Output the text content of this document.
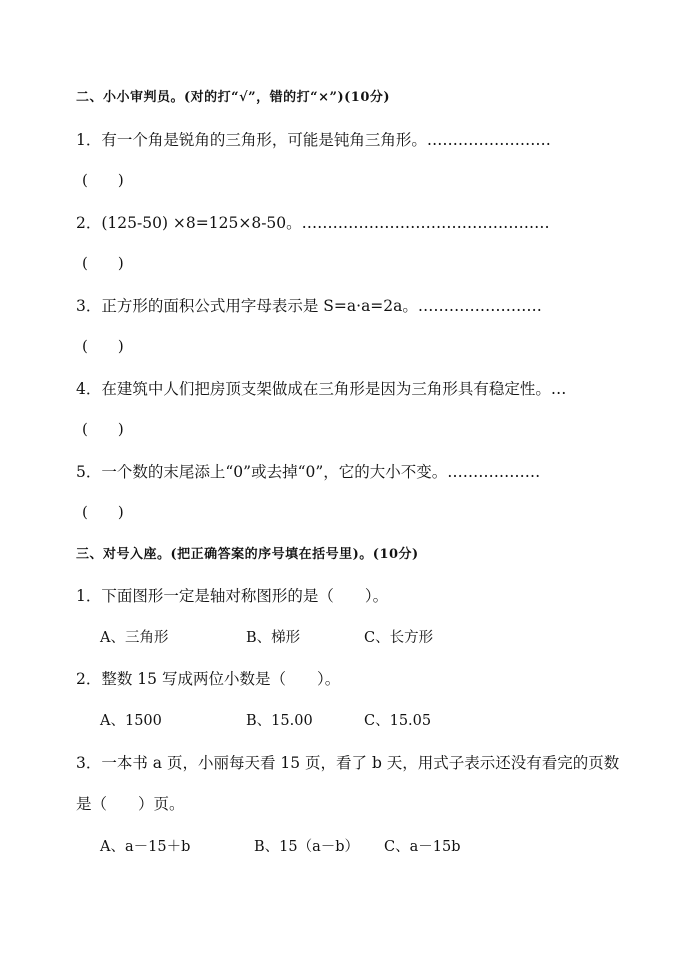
二、小小审判员。(对的打“√”，错的打“×”)(10分)
1．有一个角是锐角的三角形，可能是钝角三角形。……………………
(　　)
2．(125-50) ×8=125×8-50。…………………………………………
(　　)
3．正方形的面积公式用字母表示是 S=a·a=2a。……………………
(　　)
4．在建筑中人们把房顶支架做成在三角形是因为三角形具有稳定性。…
(　　)
5．一个数的末尾添上“0”或去掉“0”，它的大小不变。………………
(　　)
三、对号入座。(把正确答案的序号填在括号里)。(10分)
1．下面图形一定是轴对称图形的是（　　）。
A、三角形	B、梯形	C、长方形
2．整数 15 写成两位小数是（　　）。
A、1500	B、15.00	C、15.05
3．一本书 a 页，小丽每天看 15 页，看了 b 天，用式子表示还没有看完的页数
是（　　）页。
A、a－15＋b	B、15（a－b） C、a－15b
